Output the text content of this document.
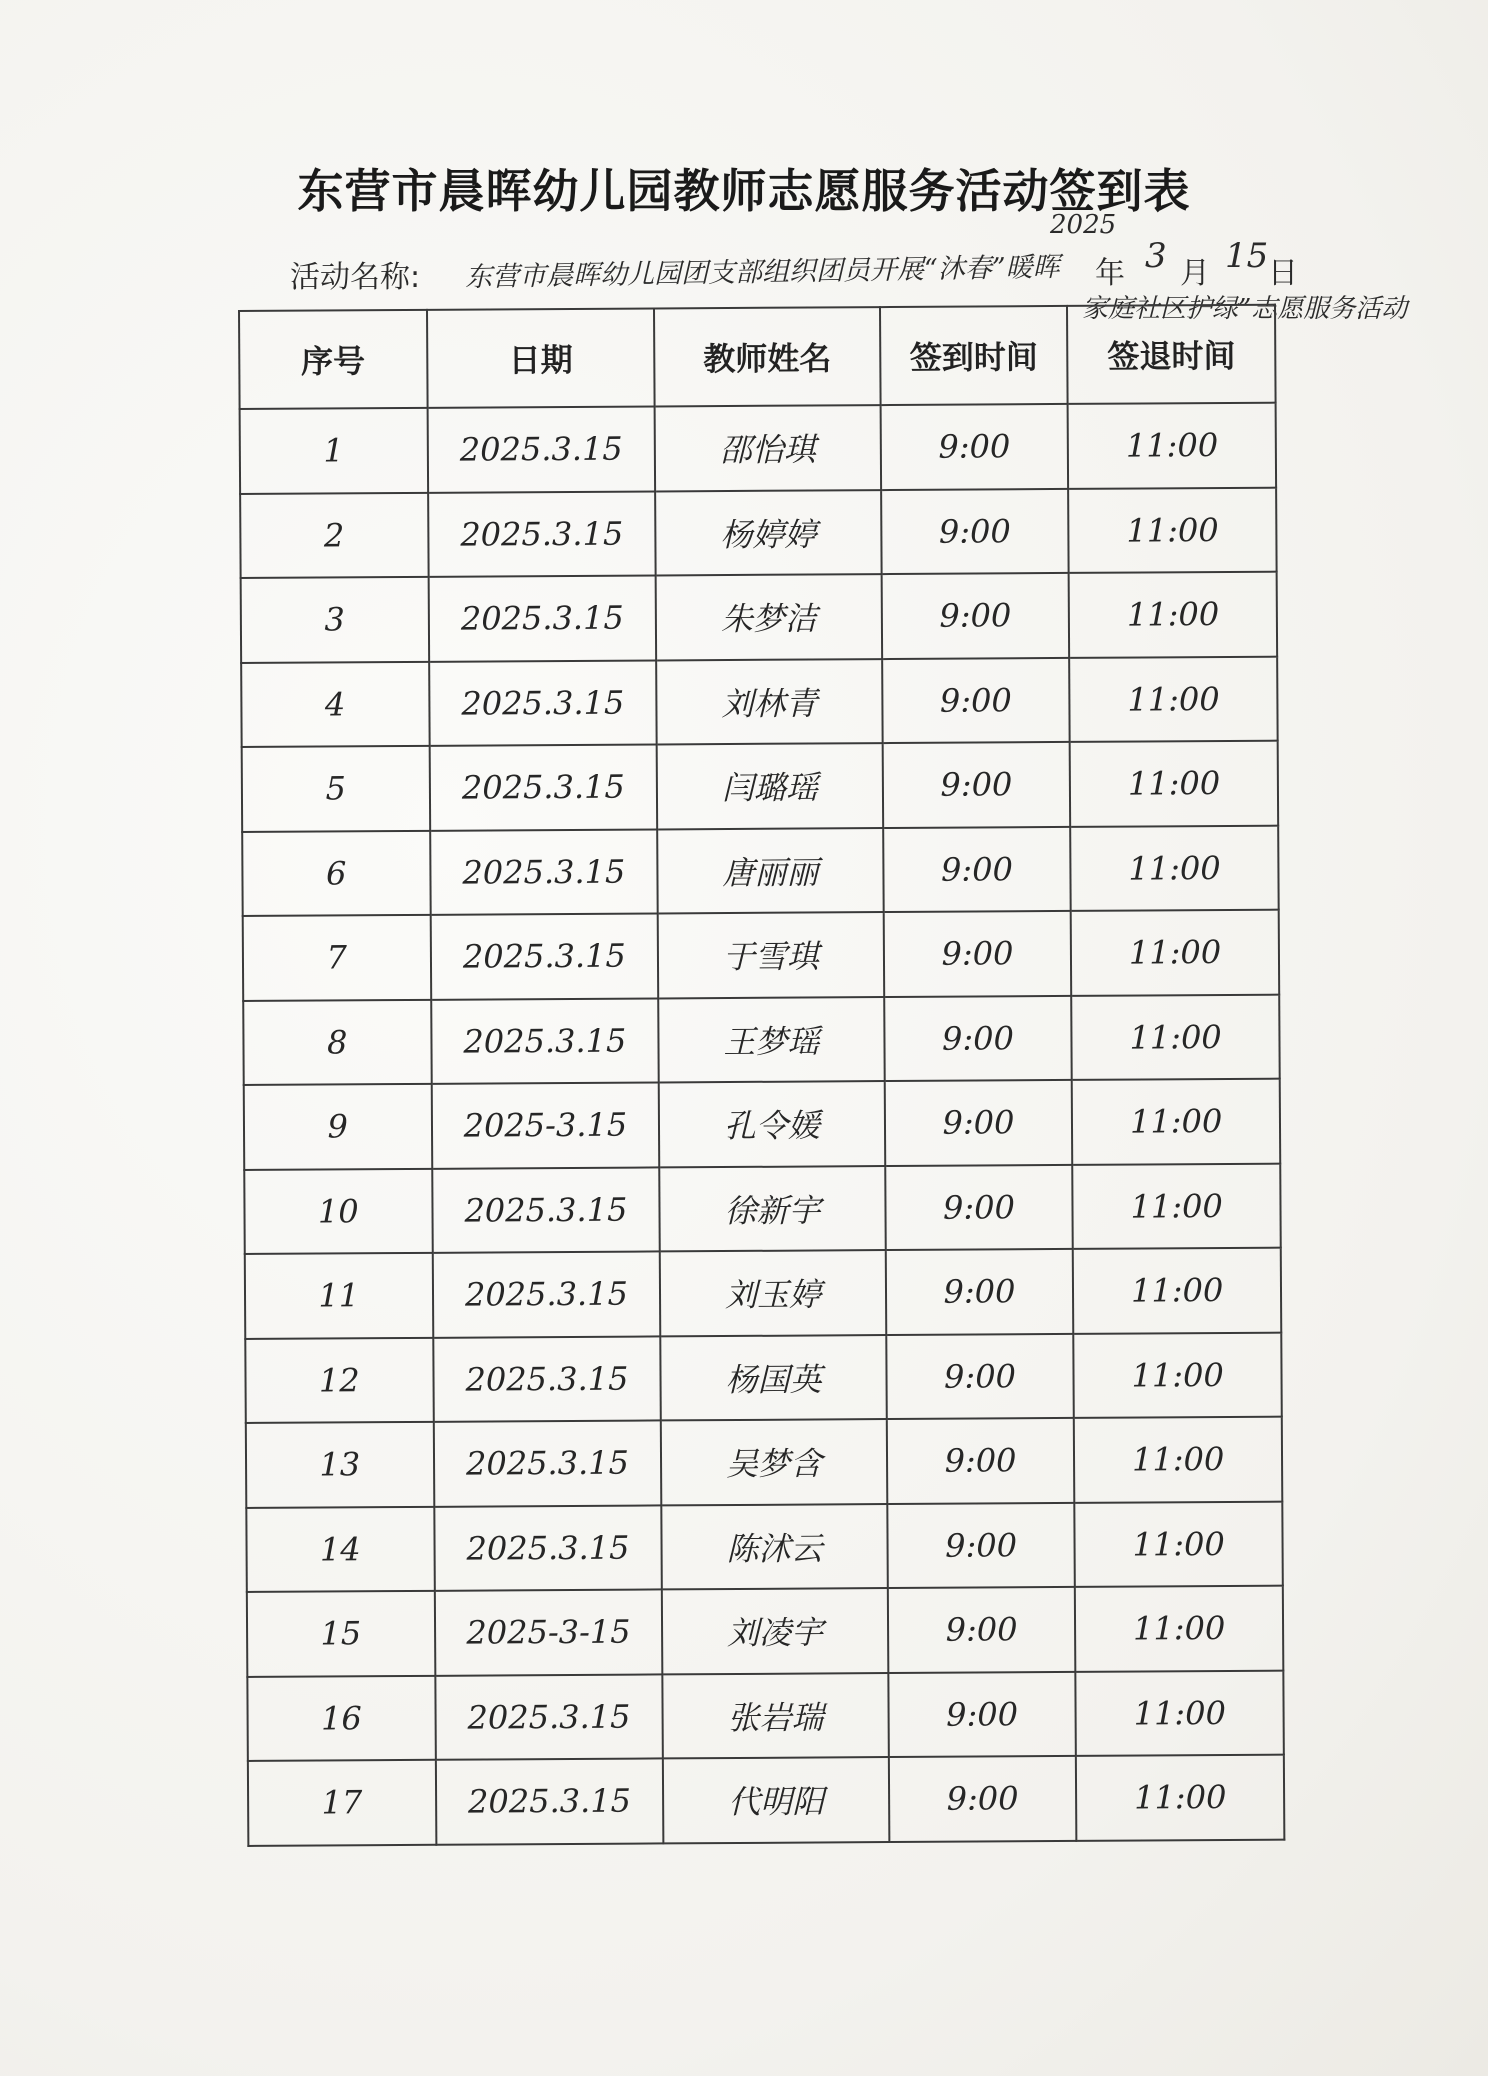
东营市晨晖幼儿园教师志愿服务活动签到表
活动名称: 东营市晨晖幼儿园团支部组织团员开展“沐春”暖晖
家庭社区护绿”志愿服务活动
2025
年 3 月 15 日
序号	日期	教师姓名	签到时间	签退时间
1	2025.3.15	邵怡琪	9:00	11:00
2	2025.3.15	杨婷婷	9:00	11:00
3	2025.3.15	朱梦洁	9:00	11:00
4	2025.3.15	刘林青	9:00	11:00
5	2025.3.15	闫璐瑶	9:00	11:00
6	2025.3.15	唐丽丽	9:00	11:00
7	2025.3.15	于雪琪	9:00	11:00
8	2025.3.15	王梦瑶	9:00	11:00
9	2025-3.15	孔令媛	9:00	11:00
10	2025.3.15	徐新宇	9:00	11:00
11	2025.3.15	刘玉婷	9:00	11:00
12	2025.3.15	杨国英	9:00	11:00
13	2025.3.15	吴梦含	9:00	11:00
14	2025.3.15	陈沭云	9:00	11:00
15	2025-3-15	刘凌宇	9:00	11:00
16	2025.3.15	张岩瑞	9:00	11:00
17	2025.3.15	代明阳	9:00	11:00
